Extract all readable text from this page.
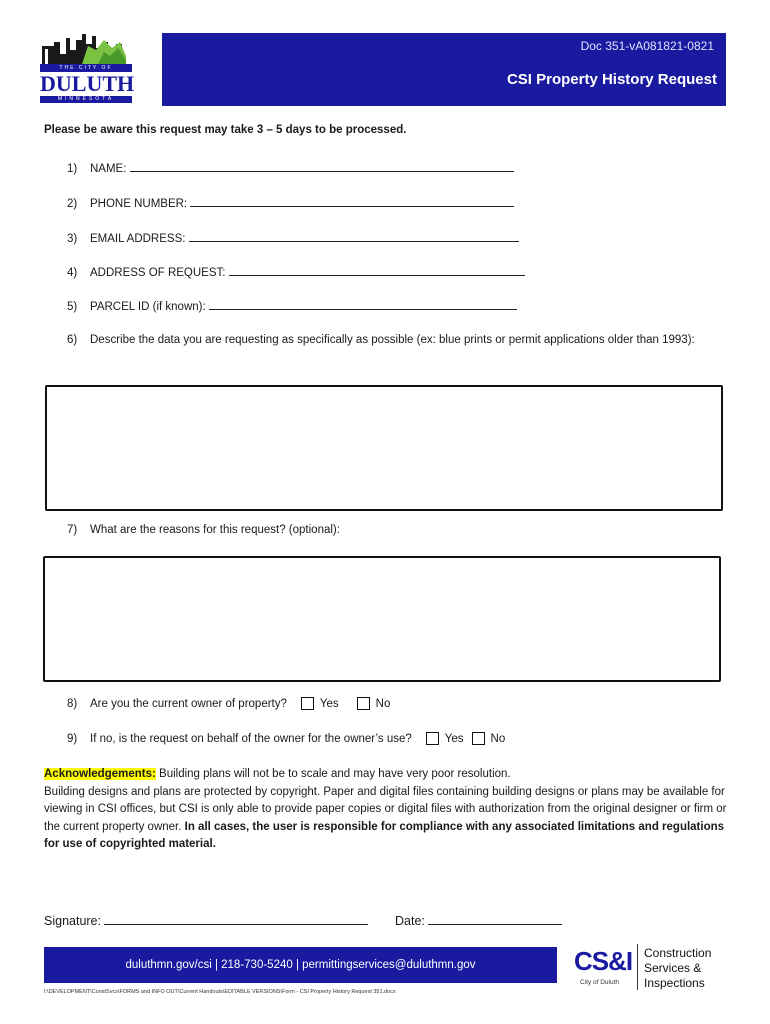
THE CITY OF
DULUTH
MINNESOTA
Doc 351-vA081821-0821
CSI Property History Request
Please be aware this request may take 3 – 5 days to be processed.
1) NAME:
2) PHONE NUMBER:
3) EMAIL ADDRESS:
4) ADDRESS OF REQUEST:
5) PARCEL ID (if known):
6) Describe the data you are requesting as specifically as possible (ex: blue prints or permit applications older than 1993):
7) What are the reasons for this request? (optional):
8)	Are you the current owner of property?	Yes	No
9)	If no, is the request on behalf of the owner for the owner’s use?	Yes No
Acknowledgements: Building plans will not be to scale and may have very poor resolution.
Building designs and plans are protected by copyright. Paper and digital files containing building designs or plans may be available for viewing in CSI offices, but CSI is only able to provide paper copies or digital files with authorization from the original designer or firm or the current property owner. In all cases, the user is responsible for compliance with any associated limitations and regulations for use of copyrighted material.
Signature:	Date:
duluthmn.gov/csi | 218-730-5240 | permittingservices@duluthmn.gov
I:\DEVELOPMENT\ConstSvcs\FORMS and INFO OUT\Current Handouts\EDITABLE VERSIONS\Form - CSI Property History Request 351.docx
CS&I
City of Duluth
Construction
Services &
Inspections
